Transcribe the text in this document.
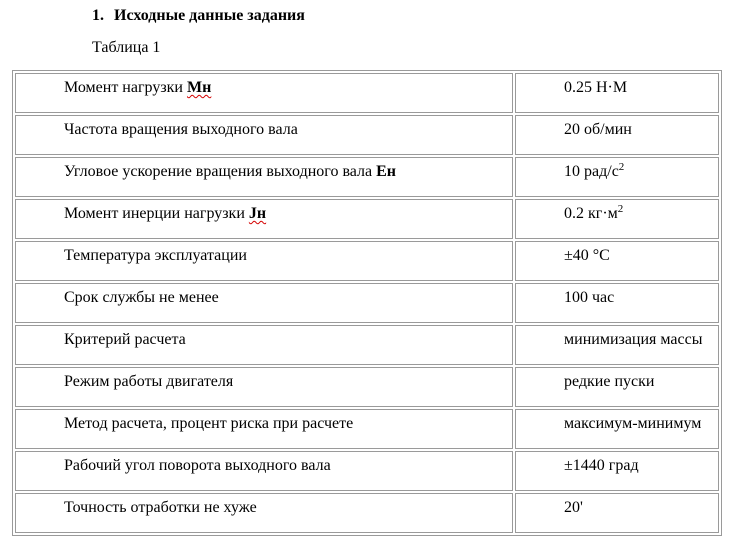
1. Исходные данные задания
Таблица 1
Момент нагрузки Мн	0.25 Н·М
Частота вращения выходного вала	20 об/мин
Угловое ускорение вращения выходного вала Ен	10 рад/$с^2$
Момент инерции нагрузки Jн	0.2 $кг\cdot м^2$
Температура эксплуатации	±40 °С
Срок службы не менее	100 час
Критерий расчета	минимизация массы
Режим работы двигателя	редкие пуски
Метод расчета, процент риска при расчете	максимум-минимум
Рабочий угол поворота выходного вала	±1440 град
Точность отработки не хуже	20'
